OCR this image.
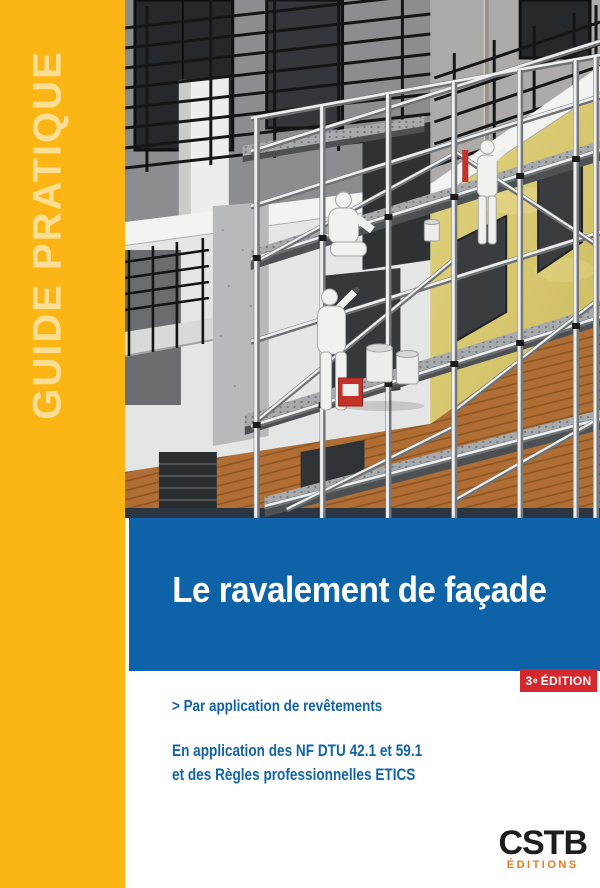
GUIDE PRATIQUE
Le ravalement de façade
3 e ÉDITION
> Par application de revêtements
En application des NF DTU 42.1 et 59.1
et des Règles professionnelles ETICS
CSTB
ÉDITIONS
